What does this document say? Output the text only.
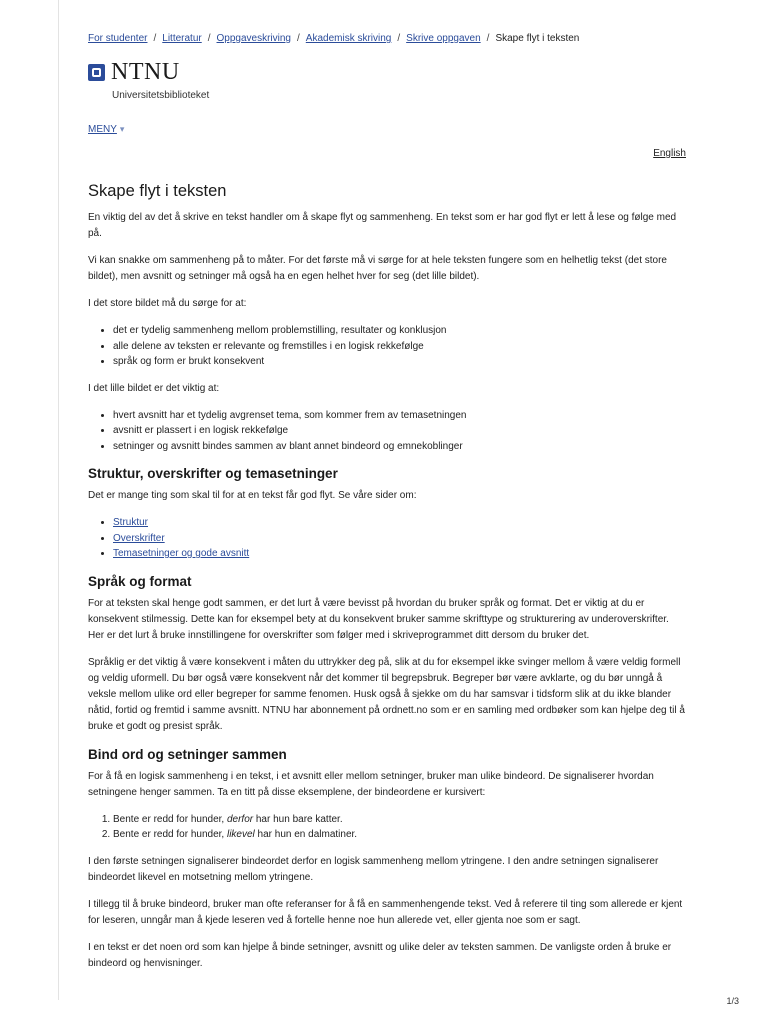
For studenter / Litteratur / Oppgaveskriving / Akademisk skriving / Skrive oppgaven / Skape flyt i teksten
NTNU
Universitetsbiblioteket
MENY ▾
English
Skape flyt i teksten

En viktig del av det å skrive en tekst handler om å skape flyt og sammenheng. En tekst som er har god flyt er lett å lese og følge med på.

Vi kan snakke om sammenheng på to måter. For det første må vi sørge for at hele teksten fungere som en helhetlig tekst (det store bildet), men avsnitt og setninger må også ha en egen helhet hver for seg (det lille bildet).

I det store bildet må du sørge for at:

• det er tydelig sammenheng mellom problemstilling, resultater og konklusjon
• alle delene av teksten er relevante og fremstilles i en logisk rekkefølge
• språk og form er brukt konsekvent

I det lille bildet er det viktig at:

• hvert avsnitt har et tydelig avgrenset tema, som kommer frem av temasetningen
• avsnitt er plassert i en logisk rekkefølge
• setninger og avsnitt bindes sammen av blant annet bindeord og emnekoblinger
Struktur, overskrifter og temasetninger

Det er mange ting som skal til for at en tekst får god flyt. Se våre sider om:

• Struktur
• Overskrifter
• Temasetninger og gode avsnitt
Språk og format

For at teksten skal henge godt sammen, er det lurt å være bevisst på hvordan du bruker språk og format. Det er viktig at du er konsekvent stilmessig. Dette kan for eksempel bety at du konsekvent bruker samme skrifttype og strukturering av underoverskrifter. Her er det lurt å bruke innstillingene for overskrifter som følger med i skriveprogrammet ditt dersom du bruker det.

Språklig er det viktig å være konsekvent i måten du uttrykker deg på, slik at du for eksempel ikke svinger mellom å være veldig formell og veldig uformell. Du bør også være konsekvent når det kommer til begrepsbruk. Begreper bør være avklarte, og du bør unngå å veksle mellom ulike ord eller begreper for samme fenomen. Husk også å sjekke om du har samsvar i tidsform slik at du ikke blander nåtid, fortid og fremtid i samme avsnitt. NTNU har abonnement på ordnett.no som er en samling med ordbøker som kan hjelpe deg til å bruke et godt og presist språk.

Bind ord og setninger sammen

For å få en logisk sammenheng i en tekst, i et avsnitt eller mellom setninger, bruker man ulike bindeord. De signaliserer hvordan setningene henger sammen. Ta en titt på disse eksemplene, der bindeordene er kursivert:

1. Bente er redd for hunder, derfor har hun bare katter.
2. Bente er redd for hunder, likevel har hun en dalmatiner.

I den første setningen signaliserer bindeordet derfor en logisk sammenheng mellom ytringene. I den andre setningen signaliserer bindeordet likevel en motsetning mellom ytringene.

I tillegg til å bruke bindeord, bruker man ofte referanser for å få en sammenhengende tekst. Ved å referere til ting som allerede er kjent for leseren, unngår man å kjede leseren ved å fortelle henne noe hun allerede vet, eller gjenta noe som er sagt.

I en tekst er det noen ord som kan hjelpe å binde setninger, avsnitt og ulike deler av teksten sammen. De vanligste orden å bruke er bindeord og henvisninger.

1/3
